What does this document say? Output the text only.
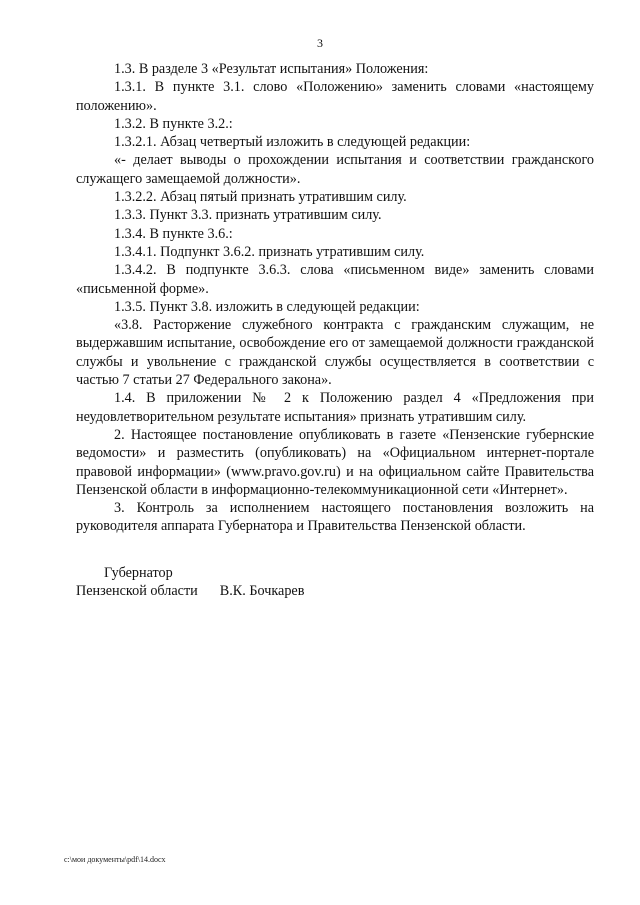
3

1.3. В разделе 3 «Результат испытания» Положения:

1.3.1. В пункте 3.1. слово «Положению» заменить словами «настоящему положению».

1.3.2. В пункте 3.2.:

1.3.2.1. Абзац четвертый изложить в следующей редакции:

«- делает выводы о прохождении испытания и соответствии гражданского служащего замещаемой должности».

1.3.2.2. Абзац пятый признать утратившим силу.

1.3.3. Пункт 3.3. признать утратившим силу.

1.3.4. В пункте 3.6.:

1.3.4.1. Подпункт 3.6.2. признать утратившим силу.

1.3.4.2. В подпункте 3.6.3. слова «письменном виде» заменить словами «письменной форме».

1.3.5. Пункт 3.8. изложить в следующей редакции:

«3.8. Расторжение служебного контракта с гражданским служащим, не выдержавшим испытание, освобождение его от замещаемой должности гражданской службы и увольнение с гражданской службы осуществляется в соответствии с частью 7 статьи 27 Федерального закона».

1.4. В приложении № 2 к Положению раздел 4 «Предложения при неудовлетворительном результате испытания» признать утратившим силу.

2. Настоящее постановление опубликовать в газете «Пензенские губернские ведомости» и разместить (опубликовать) на «Официальном интернет-портале правовой информации» (www.pravo.gov.ru) и на официальном сайте Правительства Пензенской области в информационно-телекоммуникационной сети «Интернет».

3. Контроль за исполнением настоящего постановления возложить на руководителя аппарата Губернатора и Правительства Пензенской области.

Губернатор
Пензенской области В.К. Бочкарев
c:\мои документы\pdf\14.docx
